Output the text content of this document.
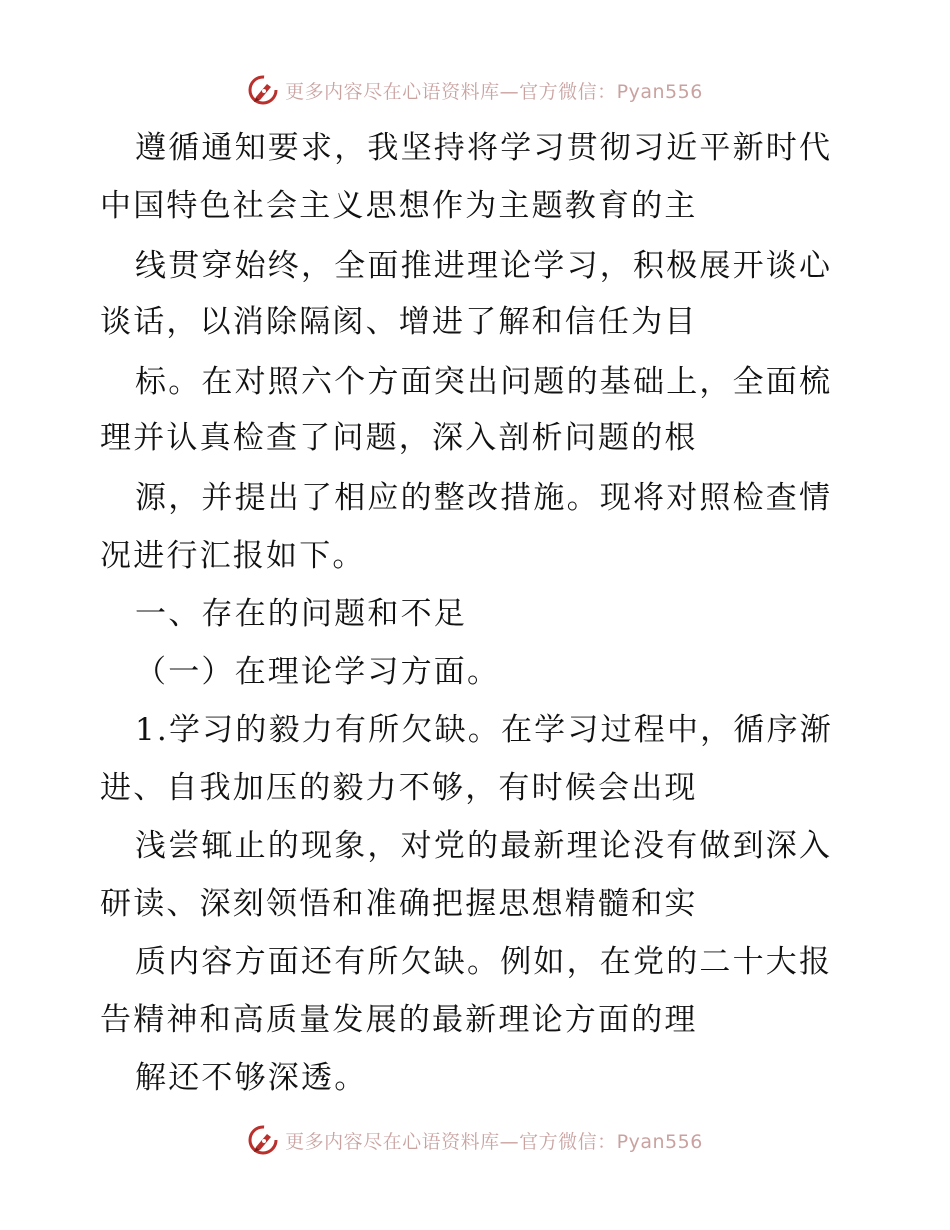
更多内容尽在心语资料库—官方微信：Pyan556
遵循通知要求，我坚持将学习贯彻习近平新时代
中国特色社会主义思想作为主题教育的主
线贯穿始终，全面推进理论学习，积极展开谈心
谈话，以消除隔阂、增进了解和信任为目
标。在对照六个方面突出问题的基础上，全面梳
理并认真检查了问题，深入剖析问题的根
源，并提出了相应的整改措施。现将对照检查情
况进行汇报如下。
一、存在的问题和不足
（一）在理论学习方面。
1.学习的毅力有所欠缺。在学习过程中，循序渐
进、自我加压的毅力不够，有时候会出现
浅尝辄止的现象，对党的最新理论没有做到深入
研读、深刻领悟和准确把握思想精髓和实
质内容方面还有所欠缺。例如，在党的二十大报
告精神和高质量发展的最新理论方面的理
解还不够深透。
更多内容尽在心语资料库—官方微信：Pyan556
